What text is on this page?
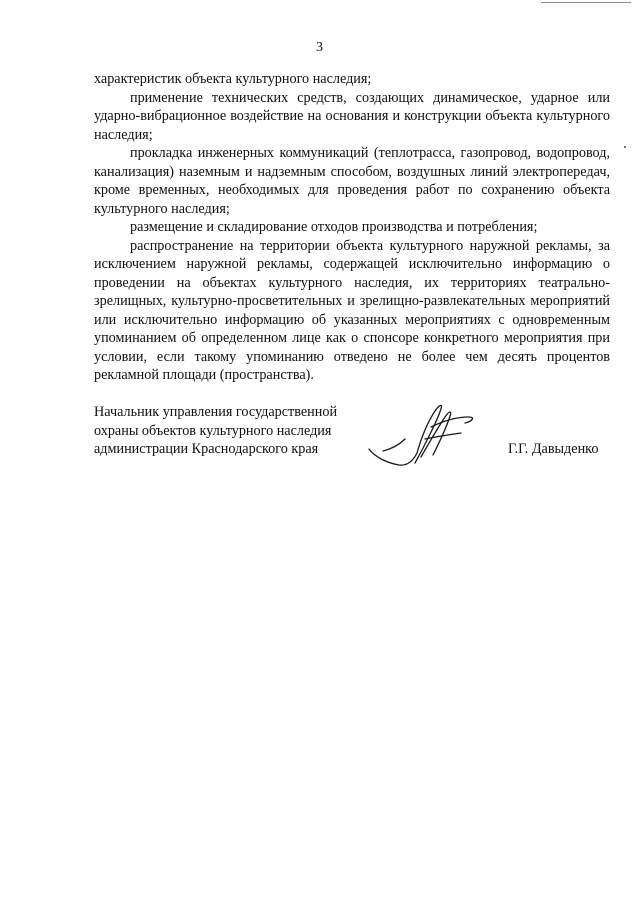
3

характеристик объекта культурного наследия;

применение технических средств, создающих динамическое, ударное или ударно-вибрационное воздействие на основания и конструкции объекта культурного наследия;

прокладка инженерных коммуникаций (теплотрасса, газопровод, водопровод, канализация) наземным и надземным способом, воздушных линий электропередач, кроме временных, необходимых для проведения работ по сохранению объекта культурного наследия;

размещение и складирование отходов производства и потребления;

распространение на территории объекта культурного наружной рекламы, за исключением наружной рекламы, содержащей исключительно информацию о проведении на объектах культурного наследия, их территориях театрально-зрелищных, культурно-просветительных и зрелищно-развлекательных мероприятий или исключительно информацию об указанных мероприятиях с одновременным упоминанием об определенном лице как о спонсоре конкретного мероприятия при условии, если такому упоминанию отведено не более чем десять процентов рекламной площади (пространства).

Начальник управления государственной
охраны объектов культурного наследия
администрации Краснодарского края	Г.Г. Давыденко
